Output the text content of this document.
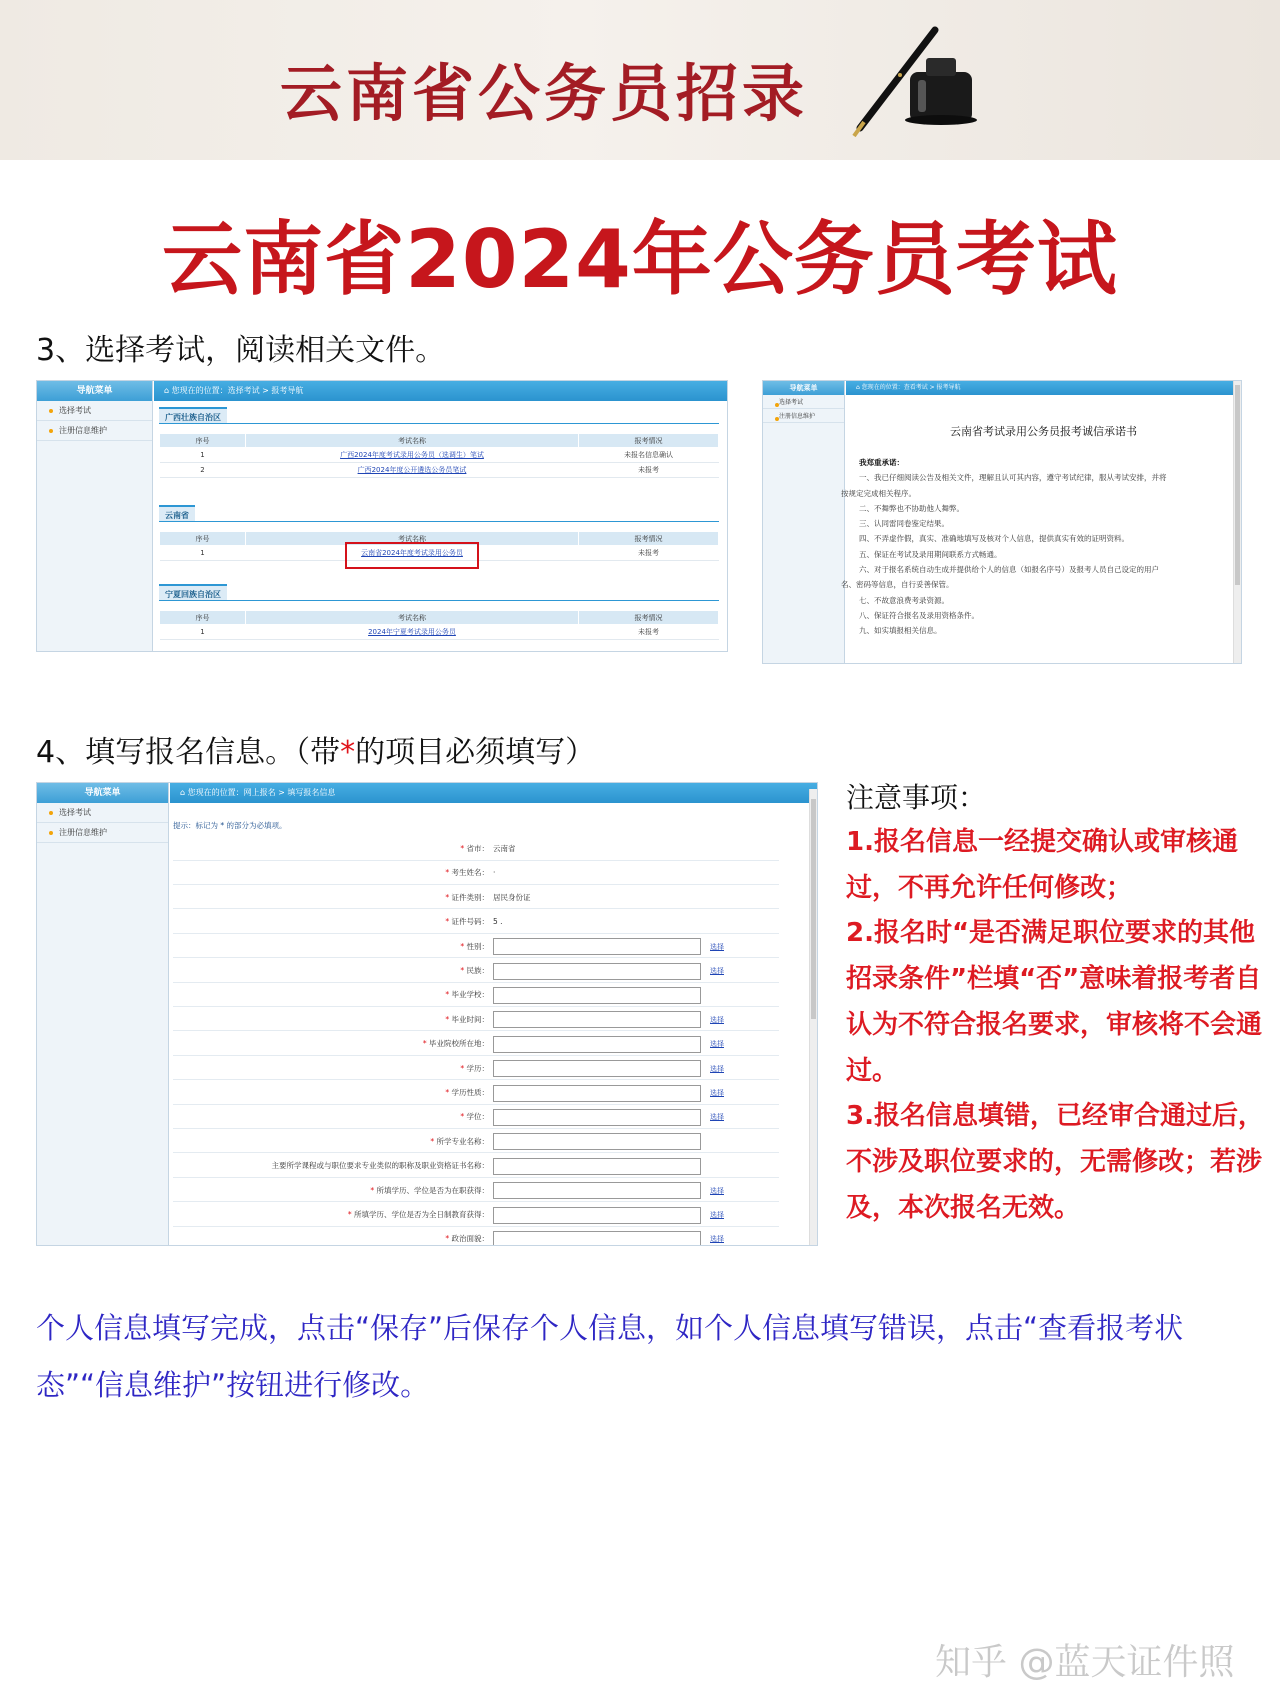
云南省公务员招录
云南省2024年公务员考试
3、选择考试，阅读相关文件。
导航菜单
选择考试
注册信息维护
⌂ 您现在的位置：选择考试 > 报考导航
广西壮族自治区
序号	考试名称	报考情况
1	广西2024年度考试录用公务员（选调生）笔试	未报名信息确认
2	广西2024年度公开遴选公务员笔试	未报考
云南省
序号	考试名称	报考情况
1	云南省2024年度考试录用公务员	未报考
宁夏回族自治区
序号	考试名称	报考情况
1	2024年宁夏考试录用公务员	未报考
导航菜单
选择考试
注册信息维护
⌂ 您现在的位置：查看考试 > 报考导航
云南省考试录用公务员报考诚信承诺书
我郑重承诺：
一、我已仔细阅读公告及相关文件，理解且认可其内容，遵守考试纪律，服从考试安排，并将
按规定完成相关程序。
二、不舞弊也不协助他人舞弊。
三、认同雷同卷鉴定结果。
四、不弄虚作假，真实、准确地填写及核对个人信息，提供真实有效的证明资料。
五、保证在考试及录用期间联系方式畅通。
六、对于报名系统自动生成并提供给个人的信息（如报名序号）及报考人员自己设定的用户
名、密码等信息，自行妥善保管。
七、不故意浪费考录资源。
八、保证符合报名及录用资格条件。
九、如实填报相关信息。
4、填写报名信息。（带*的项目必须填写）
导航菜单
选择考试
注册信息维护
⌂ 您现在的位置：网上报名 > 填写报名信息
提示：标记为 * 的部分为必填项。
* 省市： 云南省
* 考生姓名： ·
* 证件类别： 居民身份证
* 证件号码： 5 .
* 性别：	选择
* 民族：	选择
* 毕业学校：
* 毕业时间：	选择
* 毕业院校所在地：	选择
* 学历：	选择
* 学历性质：	选择
* 学位：	选择
* 所学专业名称：
主要所学课程或与职位要求专业类似的职称及职业资格证书名称：
* 所填学历、学位是否为在职获得：	选择
* 所填学历、学位是否为全日制教育获得：	选择
* 政治面貌：	选择
注意事项：
1.报名信息一经提交确认或审核通过，不再允许任何修改；
2.报名时“是否满足职位要求的其他招录条件”栏填“否”意味着报考者自认为不符合报名要求，审核将不会通过。
3.报名信息填错，已经审合通过后，不涉及职位要求的，无需修改；若涉及，本次报名无效。
个人信息填写完成，点击“保存”后保存个人信息，如个人信息填写错误，点击“查看报考状态”“信息维护”按钮进行修改。
知乎 @蓝天证件照
